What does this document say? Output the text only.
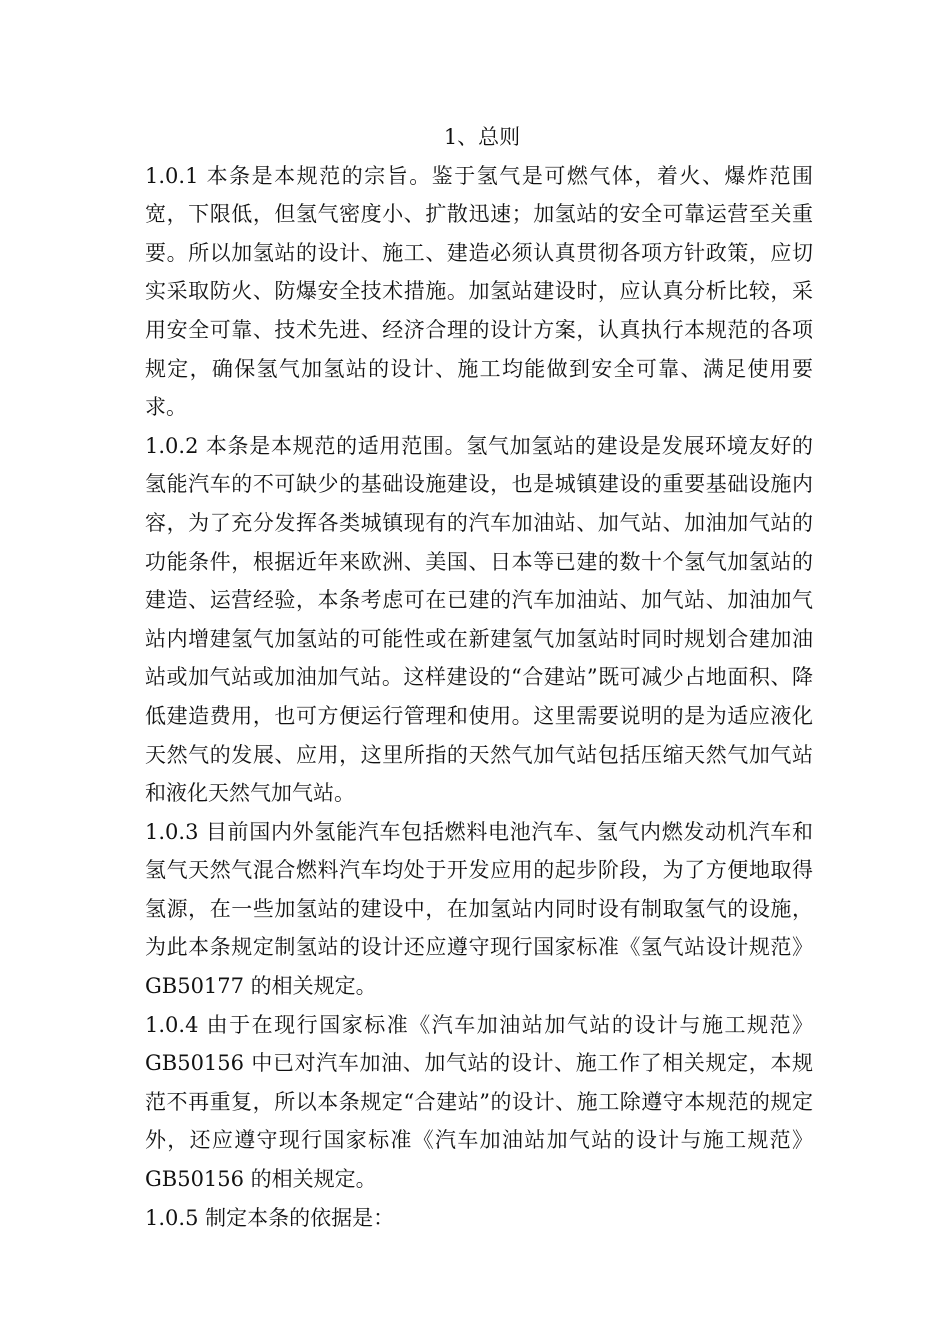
1、总则

1.0.1 本条是本规范的宗旨。鉴于氢气是可燃气体，着火、爆炸范围宽，下限低，但氢气密度小、扩散迅速；加氢站的安全可靠运营至关重要。所以加氢站的设计、施工、建造必须认真贯彻各项方针政策，应切实采取防火、防爆安全技术措施。加氢站建设时，应认真分析比较，采用安全可靠、技术先进、经济合理的设计方案，认真执行本规范的各项规定，确保氢气加氢站的设计、施工均能做到安全可靠、满足使用要求。

1.0.2 本条是本规范的适用范围。氢气加氢站的建设是发展环境友好的氢能汽车的不可缺少的基础设施建设，也是城镇建设的重要基础设施内容，为了充分发挥各类城镇现有的汽车加油站、加气站、加油加气站的功能条件，根据近年来欧洲、美国、日本等已建的数十个氢气加氢站的建造、运营经验，本条考虑可在已建的汽车加油站、加气站、加油加气站内增建氢气加氢站的可能性或在新建氢气加氢站时同时规划合建加油站或加气站或加油加气站。这样建设的“合建站”既可减少占地面积、降低建造费用，也可方便运行管理和使用。这里需要说明的是为适应液化天然气的发展、应用，这里所指的天然气加气站包括压缩天然气加气站和液化天然气加气站。

1.0.3 目前国内外氢能汽车包括燃料电池汽车、氢气内燃发动机汽车和氢气天然气混合燃料汽车均处于开发应用的起步阶段，为了方便地取得氢源，在一些加氢站的建设中，在加氢站内同时设有制取氢气的设施，为此本条规定制氢站的设计还应遵守现行国家标准《氢气站设计规范》GB50177 的相关规定。

1.0.4 由于在现行国家标准《汽车加油站加气站的设计与施工规范》GB50156 中已对汽车加油、加气站的设计、施工作了相关规定，本规范不再重复，所以本条规定“合建站”的设计、施工除遵守本规范的规定外，还应遵守现行国家标准《汽车加油站加气站的设计与施工规范》GB50156 的相关规定。

1.0.5 制定本条的依据是：
